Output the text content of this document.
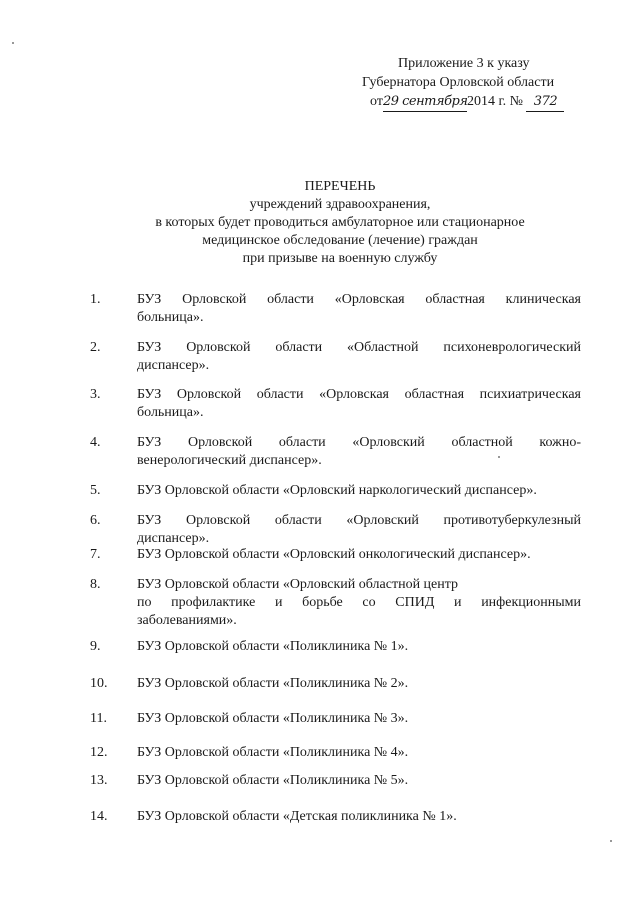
Приложение 3 к указу
Губернатора Орловской области
от29 сентября2014 г. № 372
ПЕРЕЧЕНЬ
учреждений здравоохранения,
в которых будет проводиться амбулаторное или стационарное
медицинское обследование (лечение) граждан
при призыве на военную службу
1.	БУЗ Орловской области «Орловская областная клиническая
больница».
2.	БУЗ Орловской области «Областной психоневрологический
диспансер».
3.	БУЗ Орловской области «Орловская областная психиатрическая
больница».
4.	БУЗ Орловской области «Орловский областной кожно-
венерологический диспансер».
5.	БУЗ Орловской области «Орловский наркологический диспансер».
6.	БУЗ Орловской области «Орловский противотуберкулезный
диспансер».
7.	БУЗ Орловской области «Орловский онкологический диспансер».
8.	БУЗ Орловской области «Орловский областной центр
по профилактике и борьбе со СПИД и инфекционными
заболеваниями».
9.	БУЗ Орловской области «Поликлиника № 1».
10.	БУЗ Орловской области «Поликлиника № 2».
11.	БУЗ Орловской области «Поликлиника № 3».
12.	БУЗ Орловской области «Поликлиника № 4».
13.	БУЗ Орловской области «Поликлиника № 5».
14.	БУЗ Орловской области «Детская поликлиника № 1».
